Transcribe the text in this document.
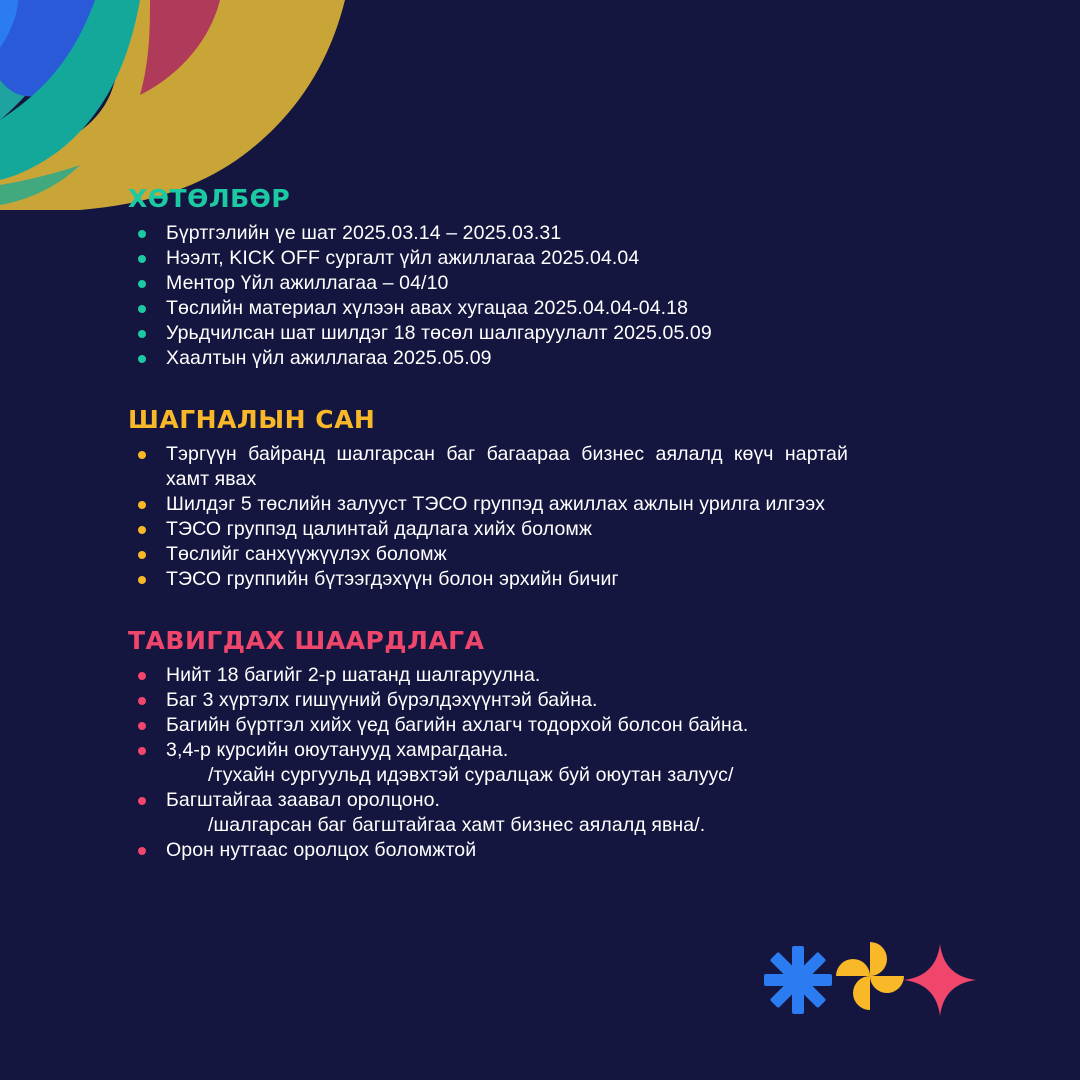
ХӨТӨЛБӨР
Бүртгэлийн үе шат 2025.03.14 – 2025.03.31
Нээлт, KICK OFF сургалт үйл ажиллагаа 2025.04.04
Ментор Үйл ажиллагаа – 04/10
Төслийн материал хүлээн авах хугацаа 2025.04.04-04.18
Урьдчилсан шат шилдэг 18 төсөл шалгаруулалт 2025.05.09
Хаалтын үйл ажиллагаа 2025.05.09
ШАГНАЛЫН САН
Тэргүүн байранд шалгарсан баг багаараа бизнес аялалд көүч нартай хамт явах
Шилдэг 5 төслийн залууст ТЭСО группэд ажиллах ажлын урилга илгээх
ТЭСО группэд цалинтай дадлага хийх боломж
Төслийг санхүүжүүлэх боломж
ТЭСО группийн бүтээгдэхүүн болон эрхийн бичиг
ТАВИГДАХ ШААРДЛАГА
Нийт 18 багийг 2-р шатанд шалгаруулна.
Баг 3 хүртэлх гишүүний бүрэлдэхүүнтэй байна.
Багийн бүртгэл хийх үед багийн ахлагч тодорхой болсон байна.
3,4-р курсийн оюутанууд хамрагдана.
/тухайн сургуульд идэвхтэй суралцаж буй оюутан залуус/
Багштайгаа заавал оролцоно.
/шалгарсан баг багштайгаа хамт бизнес аялалд явна/.
Орон нутгаас оролцох боломжтой
